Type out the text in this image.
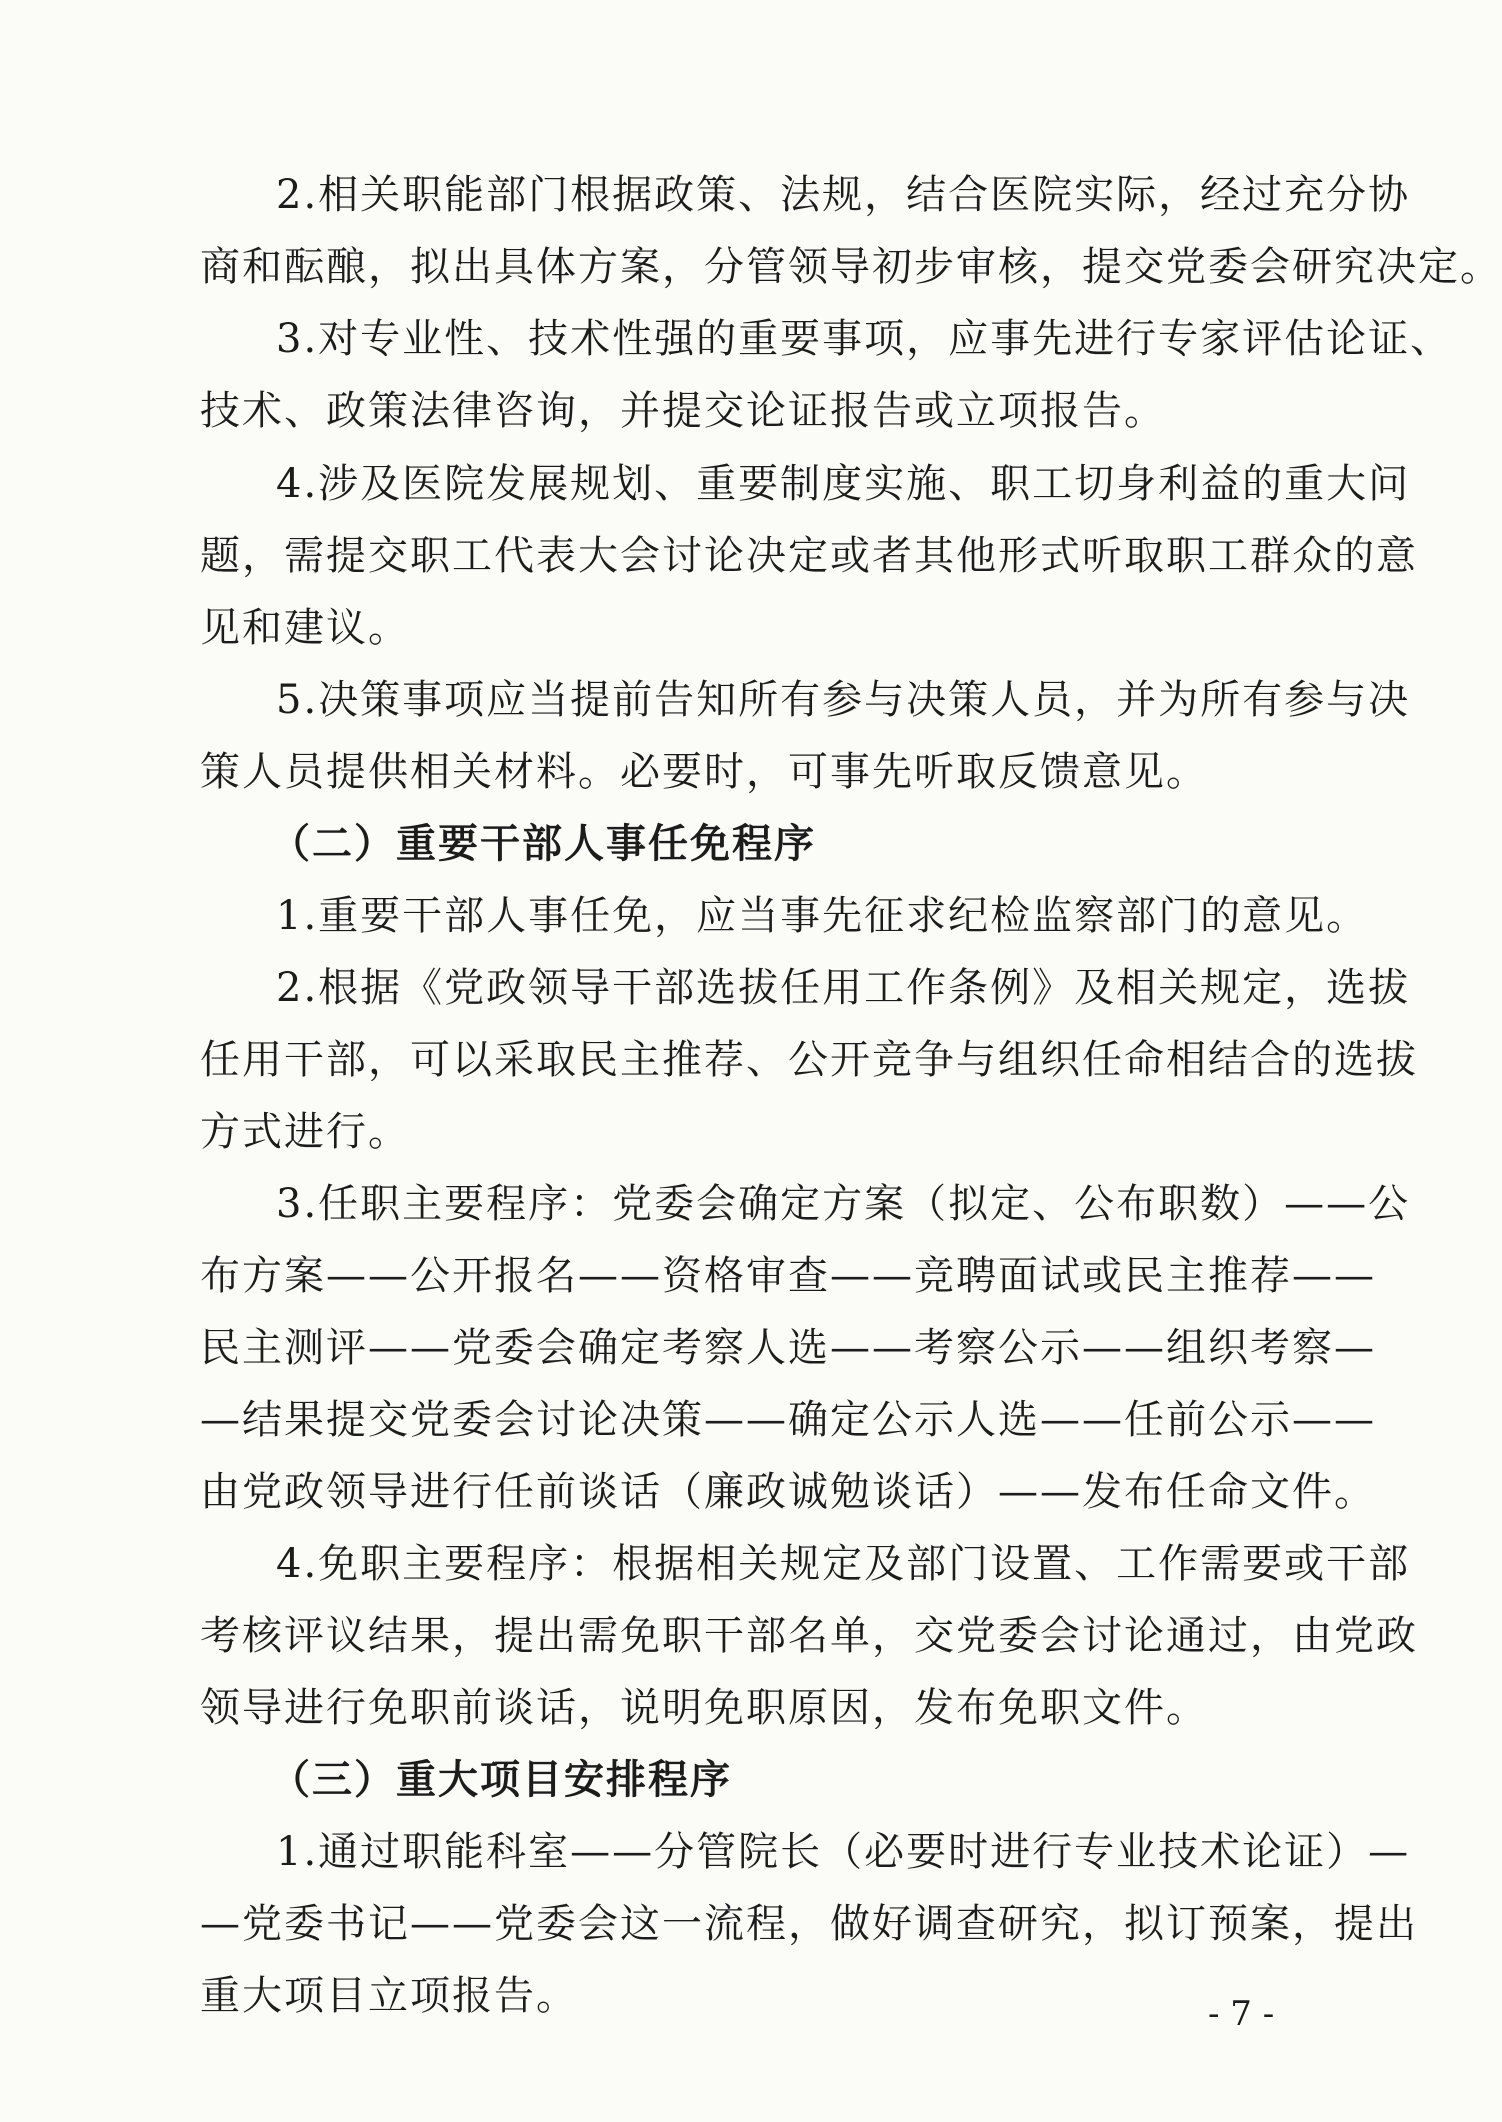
2.相关职能部门根据政策、法规，结合医院实际，经过充分协
商和酝酿，拟出具体方案，分管领导初步审核，提交党委会研究决定。
3.对专业性、技术性强的重要事项，应事先进行专家评估论证、
技术、政策法律咨询，并提交论证报告或立项报告。
4.涉及医院发展规划、重要制度实施、职工切身利益的重大问
题，需提交职工代表大会讨论决定或者其他形式听取职工群众的意
见和建议。
5.决策事项应当提前告知所有参与决策人员，并为所有参与决
策人员提供相关材料。必要时，可事先听取反馈意见。
（二）重要干部人事任免程序
1.重要干部人事任免，应当事先征求纪检监察部门的意见。
2.根据《党政领导干部选拔任用工作条例》及相关规定，选拔
任用干部，可以采取民主推荐、公开竞争与组织任命相结合的选拔
方式进行。
3.任职主要程序：党委会确定方案（拟定、公布职数）——公
布方案——公开报名——资格审查——竞聘面试或民主推荐——
民主测评——党委会确定考察人选——考察公示——组织考察—
—结果提交党委会讨论决策——确定公示人选——任前公示——
由党政领导进行任前谈话（廉政诚勉谈话）——发布任命文件。
4.免职主要程序：根据相关规定及部门设置、工作需要或干部
考核评议结果，提出需免职干部名单，交党委会讨论通过，由党政
领导进行免职前谈话，说明免职原因，发布免职文件。
（三）重大项目安排程序
1.通过职能科室——分管院长（必要时进行专业技术论证）—
—党委书记——党委会这一流程，做好调查研究，拟订预案，提出
重大项目立项报告。	- 7 -
